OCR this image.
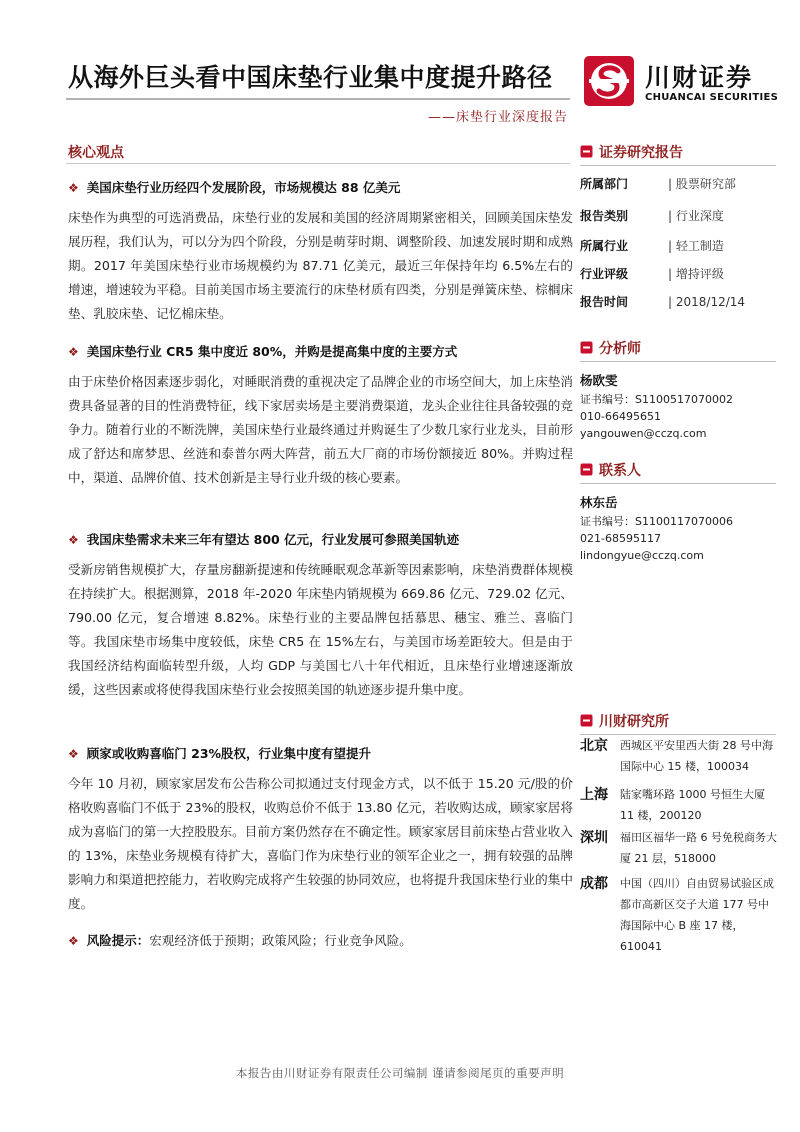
从海外巨头看中国床垫行业集中度提升路径
——床垫行业深度报告
川财证券
CHUANCAI SECURITIES
核心观点
❖ 美国床垫行业历经四个发展阶段，市场规模达 88 亿美元

床垫作为典型的可选消费品，床垫行业的发展和美国的经济周期紧密相关，回顾美国床垫发展历程，我们认为，可以分为四个阶段，分别是萌芽时期、调整阶段、加速发展时期和成熟期。2017 年美国床垫行业市场规模约为 87.71 亿美元，最近三年保持年均 6.5%左右的增速，增速较为平稳。目前美国市场主要流行的床垫材质有四类，分别是弹簧床垫、棕榈床垫、乳胶床垫、记忆棉床垫。

❖ 美国床垫行业 CR5 集中度近 80%，并购是提高集中度的主要方式

由于床垫价格因素逐步弱化，对睡眠消费的重视决定了品牌企业的市场空间大，加上床垫消费具备显著的目的性消费特征，线下家居卖场是主要消费渠道，龙头企业往往具备较强的竞争力。随着行业的不断洗牌，美国床垫行业最终通过并购诞生了少数几家行业龙头，目前形成了舒达和席梦思、丝涟和泰普尔两大阵营，前五大厂商的市场份额接近 80%。并购过程中，渠道、品牌价值、技术创新是主导行业升级的核心要素。

❖ 我国床垫需求未来三年有望达 800 亿元，行业发展可参照美国轨迹

受新房销售规模扩大，存量房翻新提速和传统睡眠观念革新等因素影响，床垫消费群体规模在持续扩大。根据测算，2018 年-2020 年床垫内销规模为 669.86 亿元、729.02 亿元、790.00 亿元，复合增速 8.82%。床垫行业的主要品牌包括慕思、穗宝、雅兰、喜临门等。我国床垫市场集中度较低，床垫 CR5 在 15%左右，与美国市场差距较大。但是由于我国经济结构面临转型升级，人均 GDP 与美国七八十年代相近，且床垫行业增速逐渐放缓，这些因素或将使得我国床垫行业会按照美国的轨迹逐步提升集中度。

❖ 顾家或收购喜临门 23%股权，行业集中度有望提升

今年 10 月初，顾家家居发布公告称公司拟通过支付现金方式，以不低于 15.20 元/股的价格收购喜临门不低于 23%的股权，收购总价不低于 13.80 亿元，若收购达成，顾家家居将成为喜临门的第一大控股股东。目前方案仍然存在不确定性。顾家家居目前床垫占营业收入的 13%，床垫业务规模有待扩大，喜临门作为床垫行业的领军企业之一，拥有较强的品牌影响力和渠道把控能力，若收购完成将产生较强的协同效应，也将提升我国床垫行业的集中度。

❖ 风险提示：宏观经济低于预期；政策风险；行业竞争风险。
证券研究报告
所属部门	| 股票研究部
报告类别	| 行业深度
所属行业	| 轻工制造
行业评级	| 增持评级
报告时间	| 2018/12/14
分析师
杨欧雯
证书编号：S1100517070002
010-66495651
yangouwen@cczq.com
联系人
林东岳
证书编号：S1100117070006
021-68595117
lindongyue@cczq.com
川财研究所
北京 西城区平安里西大街 28 号中海国际中心 15 楼，100034
上海 陆家嘴环路 1000 号恒生大厦 11 楼，200120
深圳 福田区福华一路 6 号免税商务大厦 21 层，518000
成都 中国（四川）自由贸易试验区成都市高新区交子大道 177 号中海国际中心 B 座 17 楼，610041
本报告由川财证券有限责任公司编制 谨请参阅尾页的重要声明
